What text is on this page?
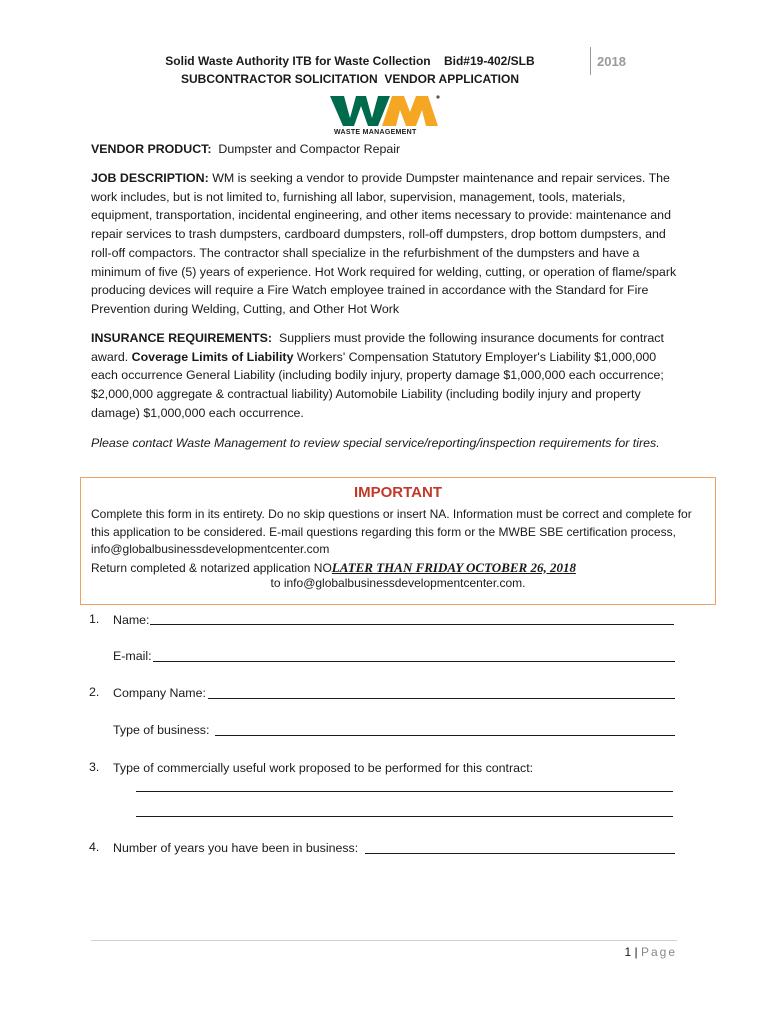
Solid Waste Authority ITB for Waste Collection    Bid#19-402/SLB
SUBCONTRACTOR SOLICITATION  VENDOR APPLICATION
2018
WASTE MANAGEMENT
VENDOR PRODUCT: Dumpster and Compactor Repair
JOB DESCRIPTION: WM is seeking a vendor to provide Dumpster maintenance and repair services. The work includes, but is not limited to, furnishing all labor, supervision, management, tools, materials, equipment, transportation, incidental engineering, and other items necessary to provide: maintenance and repair services to trash dumpsters, cardboard dumpsters, roll-off dumpsters, drop bottom dumpsters, and roll-off compactors. The contractor shall specialize in the refurbishment of the dumpsters and have a minimum of five (5) years of experience. Hot Work required for welding, cutting, or operation of flame/spark producing devices will require a Fire Watch employee trained in accordance with the Standard for Fire Prevention during Welding, Cutting, and Other Hot Work
INSURANCE REQUIREMENTS: Suppliers must provide the following insurance documents for contract award. Coverage Limits of Liability Workers' Compensation Statutory Employer's Liability $1,000,000 each occurrence General Liability (including bodily injury, property damage $1,000,000 each occurrence; $2,000,000 aggregate & contractual liability) Automobile Liability (including bodily injury and property damage) $1,000,000 each occurrence.
Please contact Waste Management to review special service/reporting/inspection requirements for tires.
IMPORTANT
Complete this form in its entirety. Do no skip questions or insert NA. Information must be correct and complete for this application to be considered. E-mail questions regarding this form or the MWBE SBE certification process, info@globalbusinessdevelopmentcenter.com
Return completed & notarized application NOLATER THAN FRIDAY OCTOBER 26, 2018
to info@globalbusinessdevelopmentcenter.com.
1. Name:
E-mail:
2. Company Name:
Type of business:
3. Type of commercially useful work proposed to be performed for this contract:
4. Number of years you have been in business:
1 | Page
